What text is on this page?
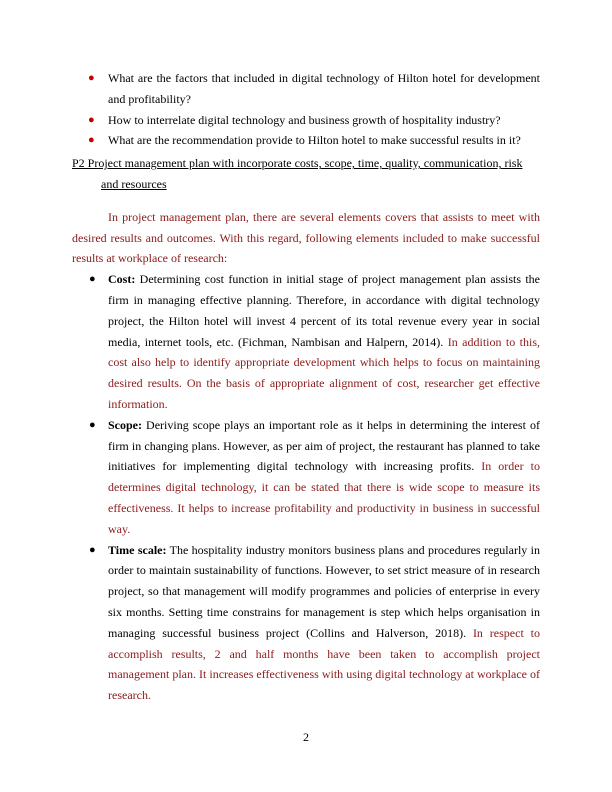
● What are the factors that included in digital technology of Hilton hotel for development and profitability?
● How to interrelate digital technology and business growth of hospitality industry?
● What are the recommendation provide to Hilton hotel to make successful results in it?

P2 Project management plan with incorporate costs, scope, time, quality, communication, risk
and resources

In project management plan, there are several elements covers that assists to meet with desired results and outcomes. With this regard, following elements included to make successful results at workplace of research:

● Cost: Determining cost function in initial stage of project management plan assists the firm in managing effective planning. Therefore, in accordance with digital technology project, the Hilton hotel will invest 4 percent of its total revenue every year in social media, internet tools, etc. (Fichman, Nambisan and Halpern, 2014). In addition to this, cost also help to identify appropriate development which helps to focus on maintaining desired results. On the basis of appropriate alignment of cost, researcher get effective information.
● Scope: Deriving scope plays an important role as it helps in determining the interest of firm in changing plans. However, as per aim of project, the restaurant has planned to take initiatives for implementing digital technology with increasing profits. In order to determines digital technology, it can be stated that there is wide scope to measure its effectiveness. It helps to increase profitability and productivity in business in successful way.
● Time scale: The hospitality industry monitors business plans and procedures regularly in order to maintain sustainability of functions. However, to set strict measure of in research project, so that management will modify programmes and policies of enterprise in every six months. Setting time constrains for management is step which helps organisation in managing successful business project (Collins and Halverson, 2018). In respect to accomplish results, 2 and half months have been taken to accomplish project management plan. It increases effectiveness with using digital technology at workplace of research.
2
